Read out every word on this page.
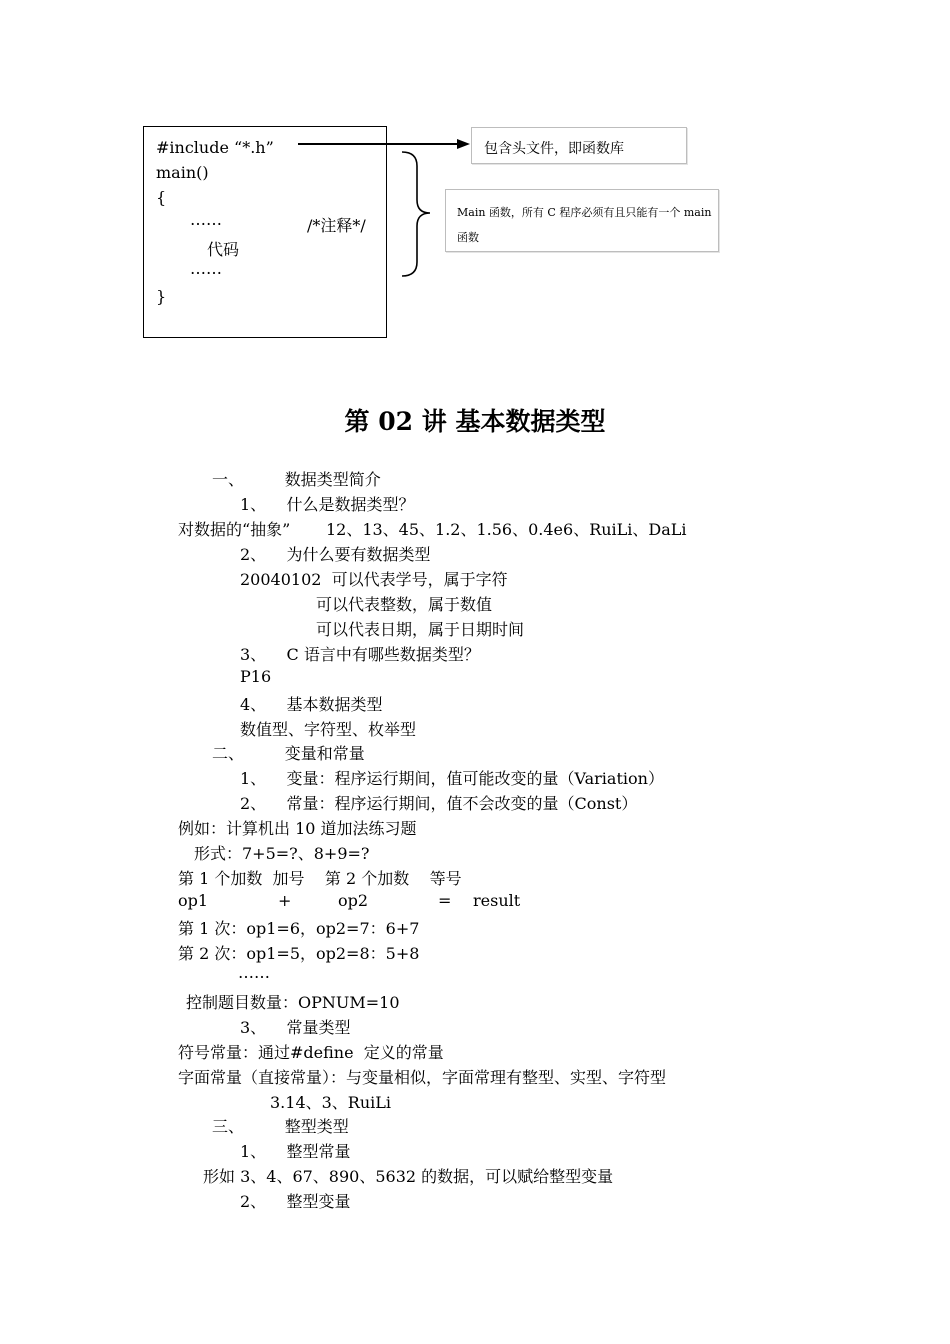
#include “*.h”
main()
{
……	/*注释*/
代码
……
}
包含头文件，即函数库
Main 函数，所有 C 程序必须有且只能有一个 main 函数
第 02 讲 基本数据类型
一、        数据类型简介
1、    什么是数据类型？
对数据的“抽象”       12、13、45、1.2、1.56、0.4e6、RuiLi、DaLi
2、    为什么要有数据类型
20040102  可以代表学号，属于字符
可以代表整数，属于数值
可以代表日期，属于日期时间
3、    C 语言中有哪些数据类型？
P16
4、    基本数据类型
数值型、字符型、枚举型
二、        变量和常量
1、    变量：程序运行期间，值可能改变的量（Variation）
2、    常量：程序运行期间，值不会改变的量（Const）
例如：计算机出 10 道加法练习题
形式：7+5=?、8+9=?
第 1 个加数  加号    第 2 个加数    等号
op1	+	op2	= result
第 1 次：op1=6，op2=7：6+7
第 2 次：op1=5，op2=8：5+8
……
控制题目数量：OPNUM=10
3、    常量类型
符号常量：通过#define  定义的常量
字面常量（直接常量）：与变量相似，字面常理有整型、实型、字符型
3.14、3、RuiLi
三、        整型类型
1、    整型常量
形如 3、4、67、890、5632 的数据，可以赋给整型变量
2、    整型变量
